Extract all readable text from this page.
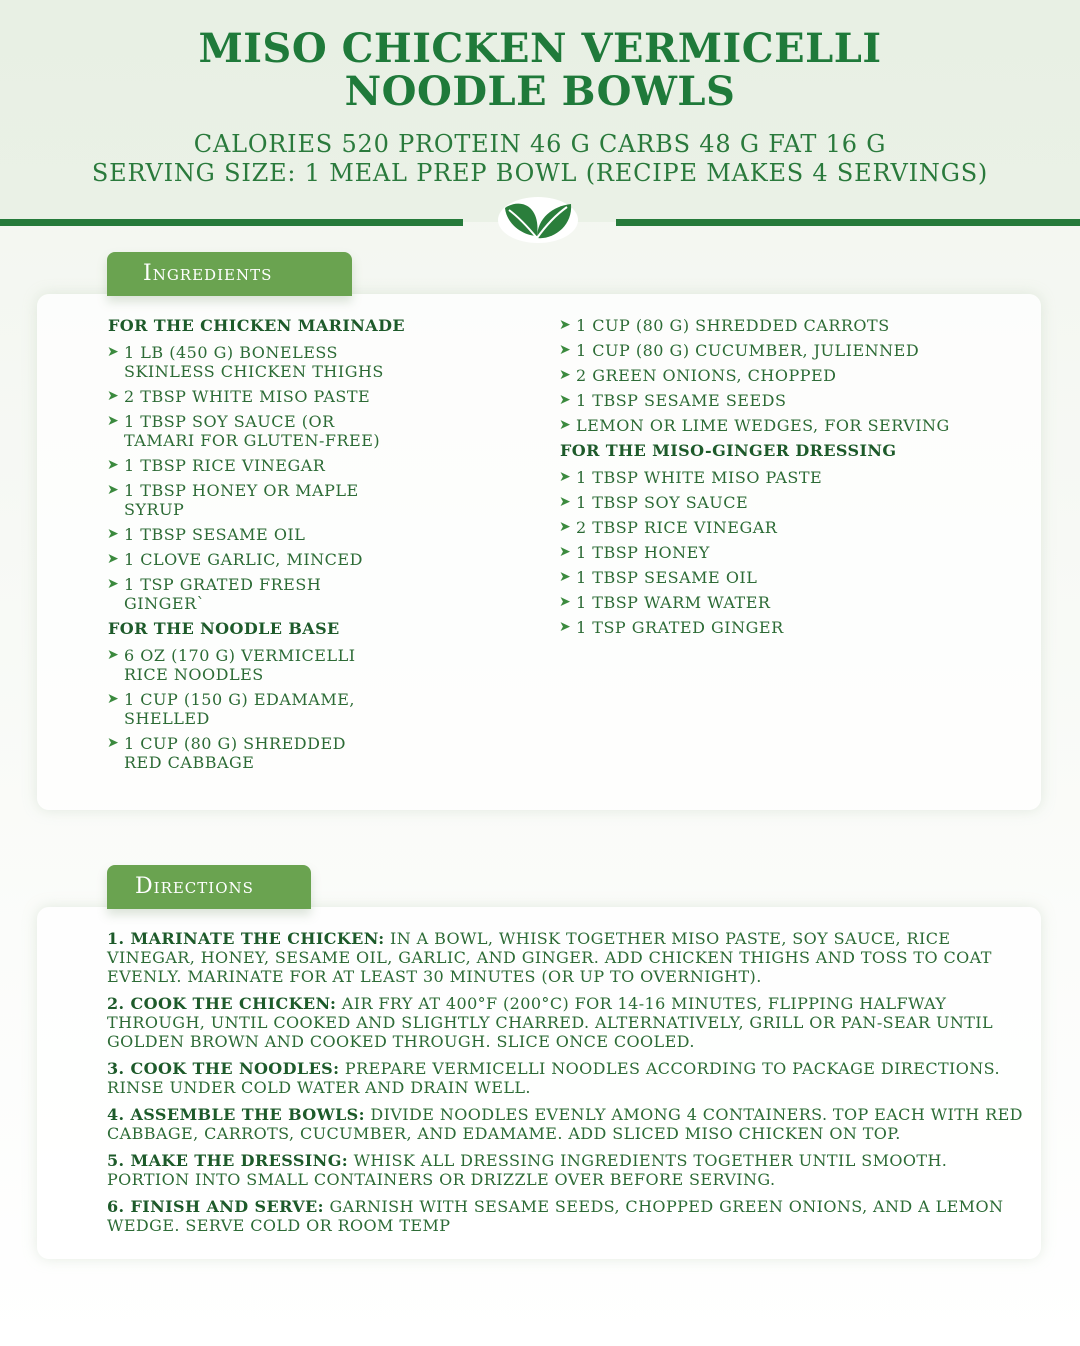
MISO CHICKEN VERMICELLI
NOODLE BOWLS
CALORIES 520 PROTEIN 46 G CARBS 48 G FAT 16 G
SERVING SIZE: 1 MEAL PREP BOWL (RECIPE MAKES 4 SERVINGS)
Ingredients
FOR THE CHICKEN MARINADE
➤ 1 LB (450 G) BONELESS SKINLESS CHICKEN THIGHS
➤ 2 TBSP WHITE MISO PASTE
➤ 1 TBSP SOY SAUCE (OR TAMARI FOR GLUTEN-FREE)
➤ 1 TBSP RICE VINEGAR
➤ 1 TBSP HONEY OR MAPLE SYRUP
➤ 1 TBSP SESAME OIL
➤ 1 CLOVE GARLIC, MINCED
➤ 1 TSP GRATED FRESH GINGER`
FOR THE NOODLE BASE
➤ 6 OZ (170 G) VERMICELLI RICE NOODLES
➤ 1 CUP (150 G) EDAMAME, SHELLED
➤ 1 CUP (80 G) SHREDDED RED CABBAGE
➤ 1 CUP (80 G) SHREDDED CARROTS
➤ 1 CUP (80 G) CUCUMBER, JULIENNED
➤ 2 GREEN ONIONS, CHOPPED
➤ 1 TBSP SESAME SEEDS
➤ LEMON OR LIME WEDGES, FOR SERVING
FOR THE MISO-GINGER DRESSING
➤ 1 TBSP WHITE MISO PASTE
➤ 1 TBSP SOY SAUCE
➤ 2 TBSP RICE VINEGAR
➤ 1 TBSP HONEY
➤ 1 TBSP SESAME OIL
➤ 1 TBSP WARM WATER
➤ 1 TSP GRATED GINGER
Directions

1. MARINATE THE CHICKEN: IN A BOWL, WHISK TOGETHER MISO PASTE, SOY SAUCE, RICE VINEGAR, HONEY, SESAME OIL, GARLIC, AND GINGER. ADD CHICKEN THIGHS AND TOSS TO COAT EVENLY. MARINATE FOR AT LEAST 30 MINUTES (OR UP TO OVERNIGHT).

2. COOK THE CHICKEN: AIR FRY AT 400°F (200°C) FOR 14-16 MINUTES, FLIPPING HALFWAY THROUGH, UNTIL COOKED AND SLIGHTLY CHARRED. ALTERNATIVELY, GRILL OR PAN-SEAR UNTIL GOLDEN BROWN AND COOKED THROUGH. SLICE ONCE COOLED.

3. COOK THE NOODLES: PREPARE VERMICELLI NOODLES ACCORDING TO PACKAGE DIRECTIONS. RINSE UNDER COLD WATER AND DRAIN WELL.

4. ASSEMBLE THE BOWLS: DIVIDE NOODLES EVENLY AMONG 4 CONTAINERS. TOP EACH WITH RED CABBAGE, CARROTS, CUCUMBER, AND EDAMAME. ADD SLICED MISO CHICKEN ON TOP.

5. MAKE THE DRESSING: WHISK ALL DRESSING INGREDIENTS TOGETHER UNTIL SMOOTH. PORTION INTO SMALL CONTAINERS OR DRIZZLE OVER BEFORE SERVING.

6. FINISH AND SERVE: GARNISH WITH SESAME SEEDS, CHOPPED GREEN ONIONS, AND A LEMON WEDGE. SERVE COLD OR ROOM TEMP
